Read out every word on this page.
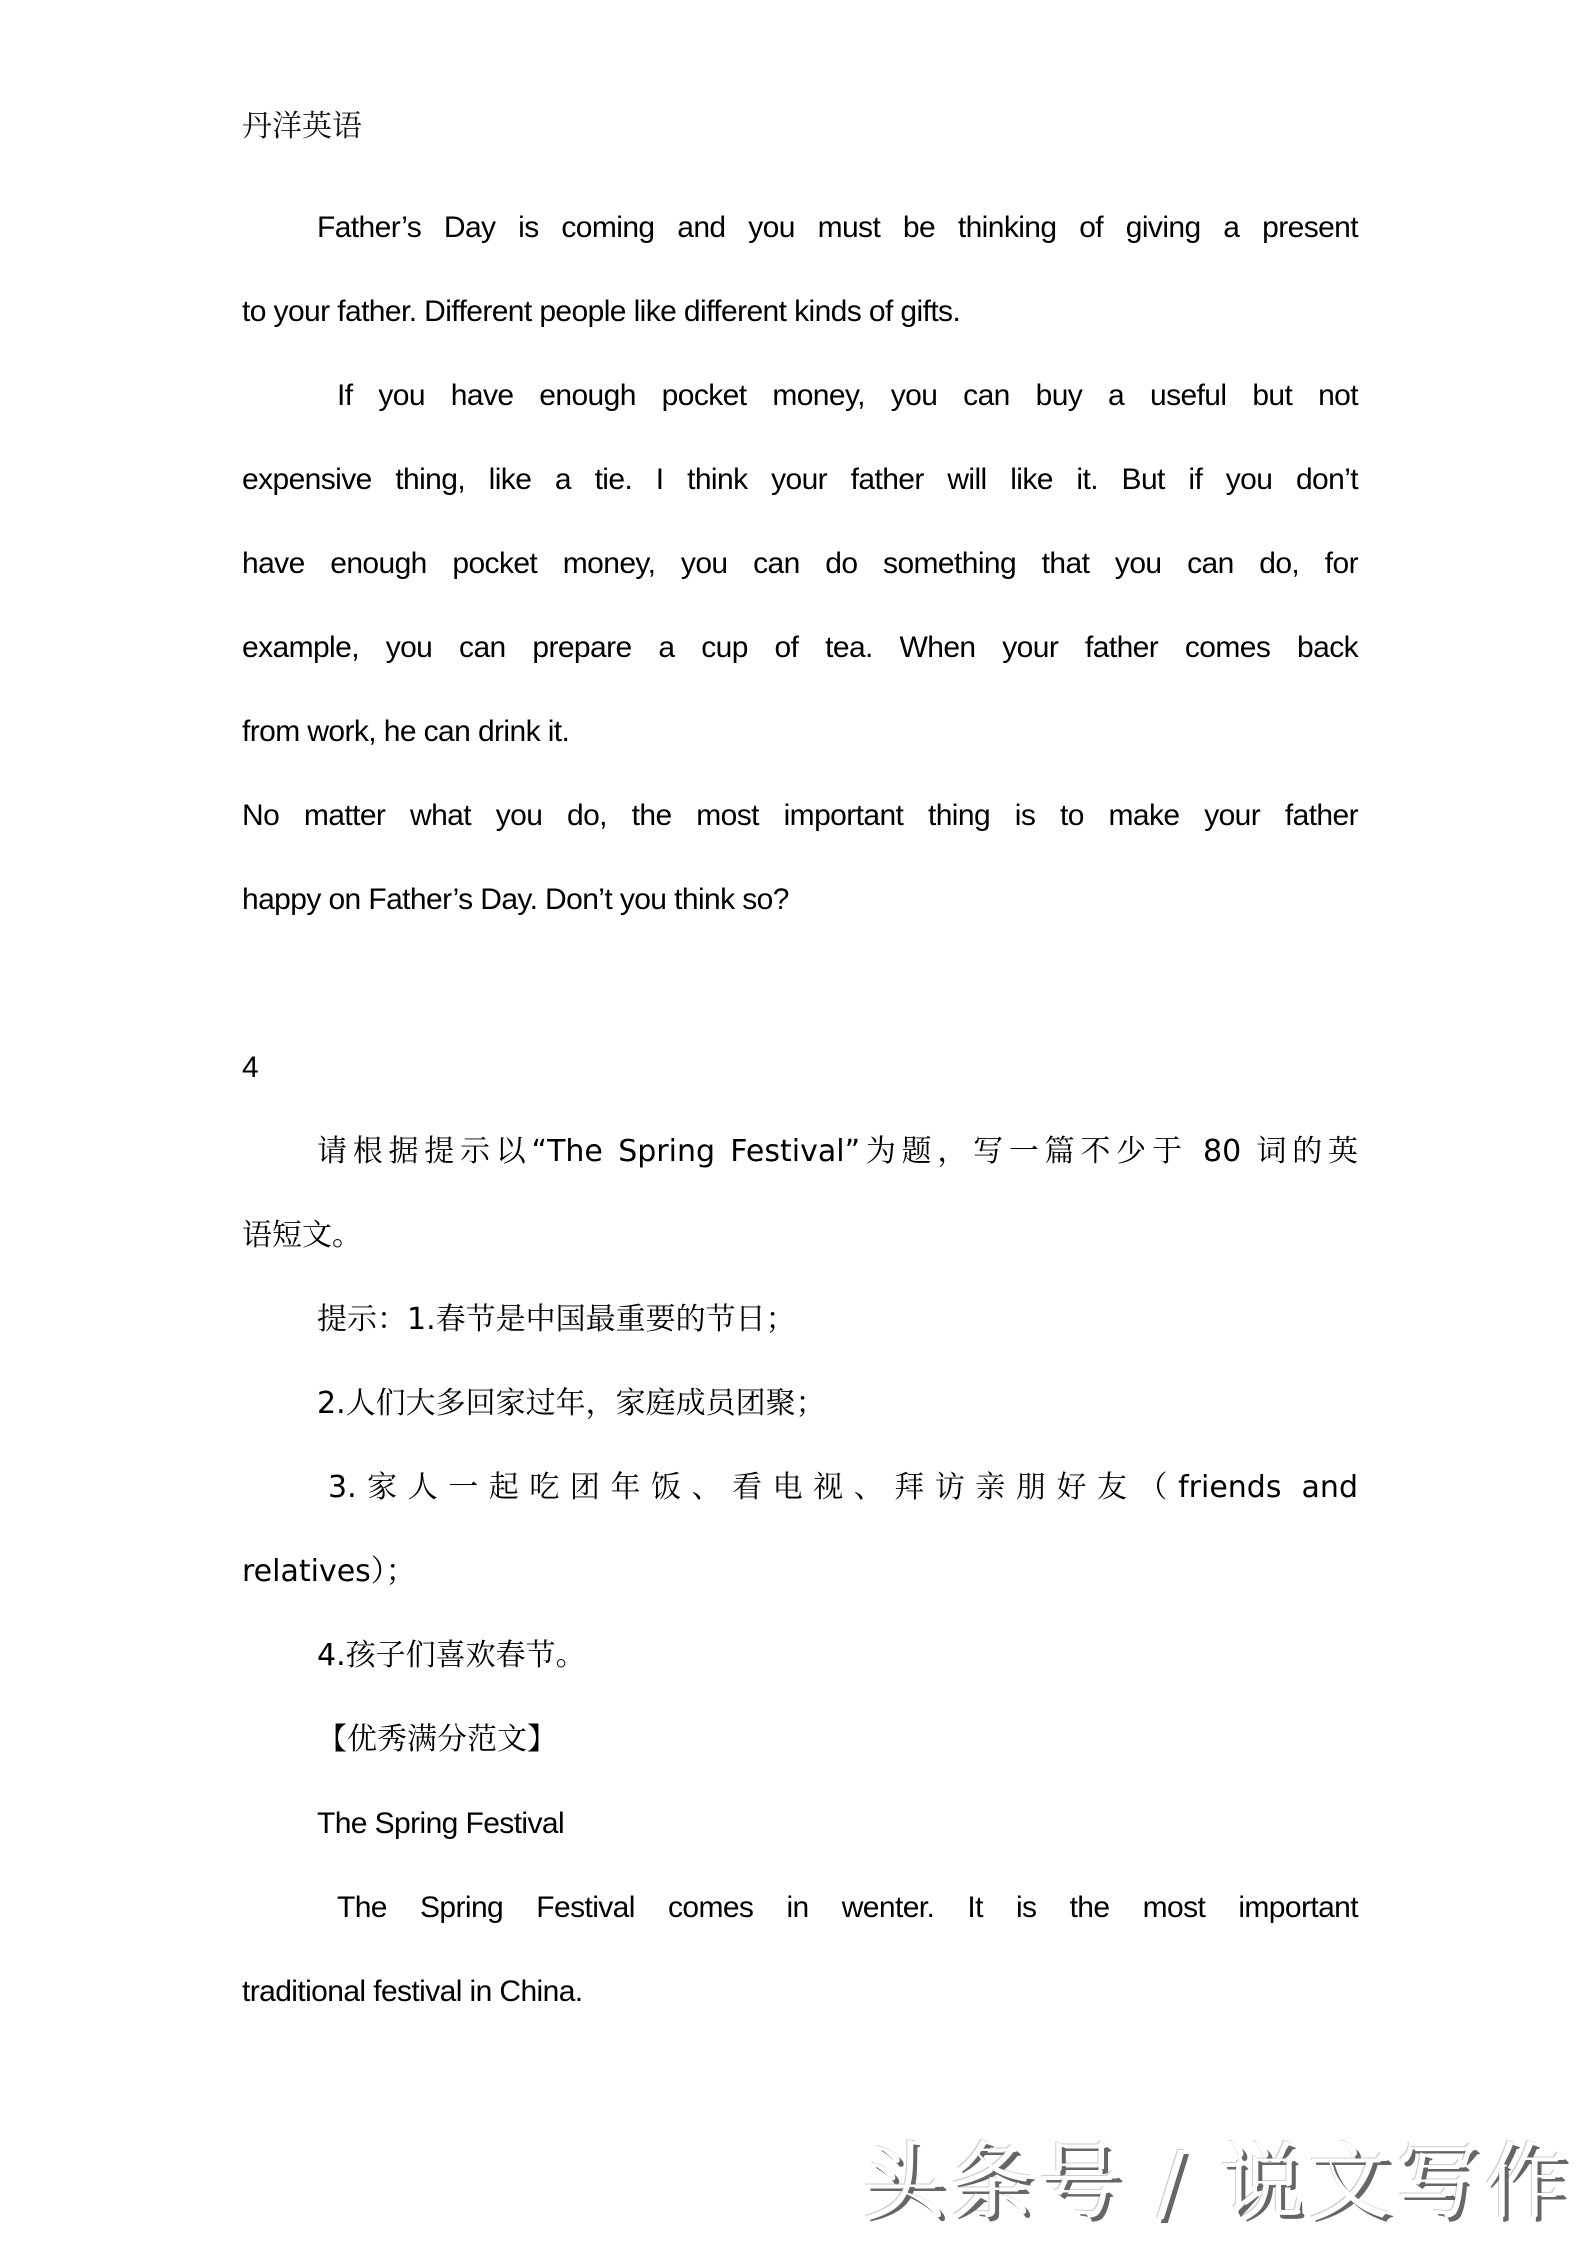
丹洋英语
Father’s Day is coming and you must be thinking of giving a present
to your father. Different people like different kinds of gifts.
If you have enough pocket money, you can buy a useful but not
expensive thing, like a tie. I think your father will like it. But if you don’t
have enough pocket money, you can do something that you can do, for
example, you can prepare a cup of tea. When your father comes back
from work, he can drink it.
No matter what you do, the most important thing is to make your father
happy on Father’s Day. Don’t you think so?
4
请根据提示以“The Spring Festival”为题，写一篇不少于 80 词的英
语短文。
提示：1.春节是中国最重要的节日；
2.人们大多回家过年，家庭成员团聚；
3.家人一起吃团年饭、看电视、拜访亲朋好友（friends and
relatives）；
4.孩子们喜欢春节。
【优秀满分范文】
The Spring Festival
The Spring Festival comes in wenter. It is the most important
traditional festival in China.
头条号 / 说文写作
